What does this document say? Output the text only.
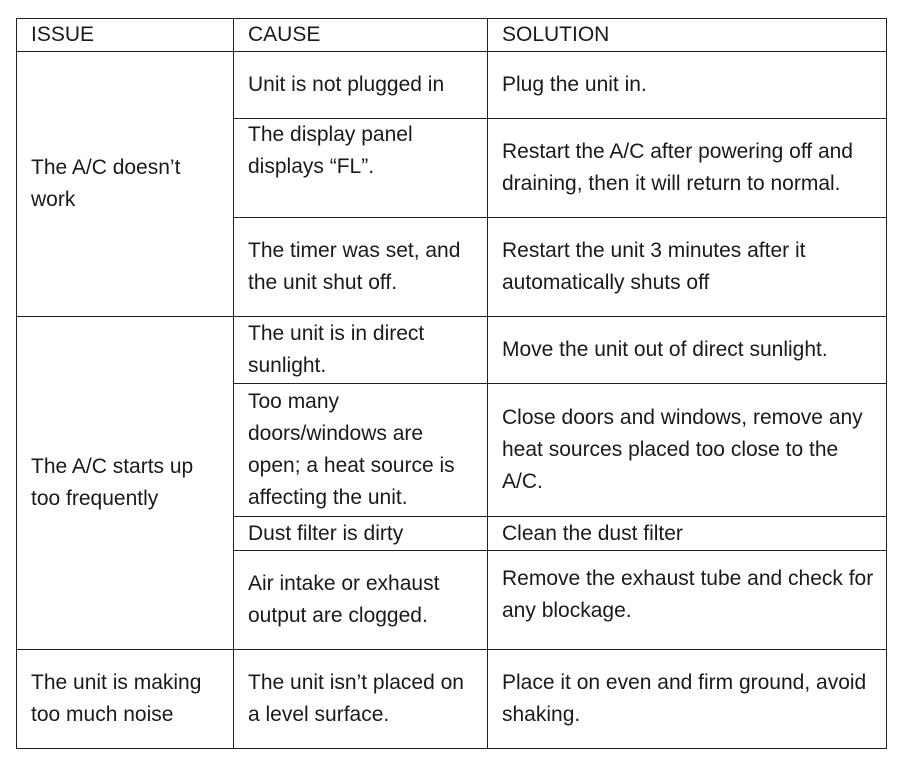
ISSUE	CAUSE	SOLUTION
The A/C doesn’t work	Unit is not plugged in	Plug the unit in.
	The display panel displays “FL”.	Restart the A/C after powering off and draining, then it will return to normal.
	The timer was set, and the unit shut off.	Restart the unit 3 minutes after it automatically shuts off
The A/C starts up too frequently	The unit is in direct sunlight.	Move the unit out of direct sunlight.
	Too many doors/windows are open; a heat source is affecting the unit.	Close doors and windows, remove any heat sources placed too close to the A/C.
	Dust filter is dirty	Clean the dust filter
	Air intake or exhaust output are clogged.	Remove the exhaust tube and check for any blockage.
The unit is making too much noise	The unit isn’t placed on a level surface.	Place it on even and firm ground, avoid shaking.
